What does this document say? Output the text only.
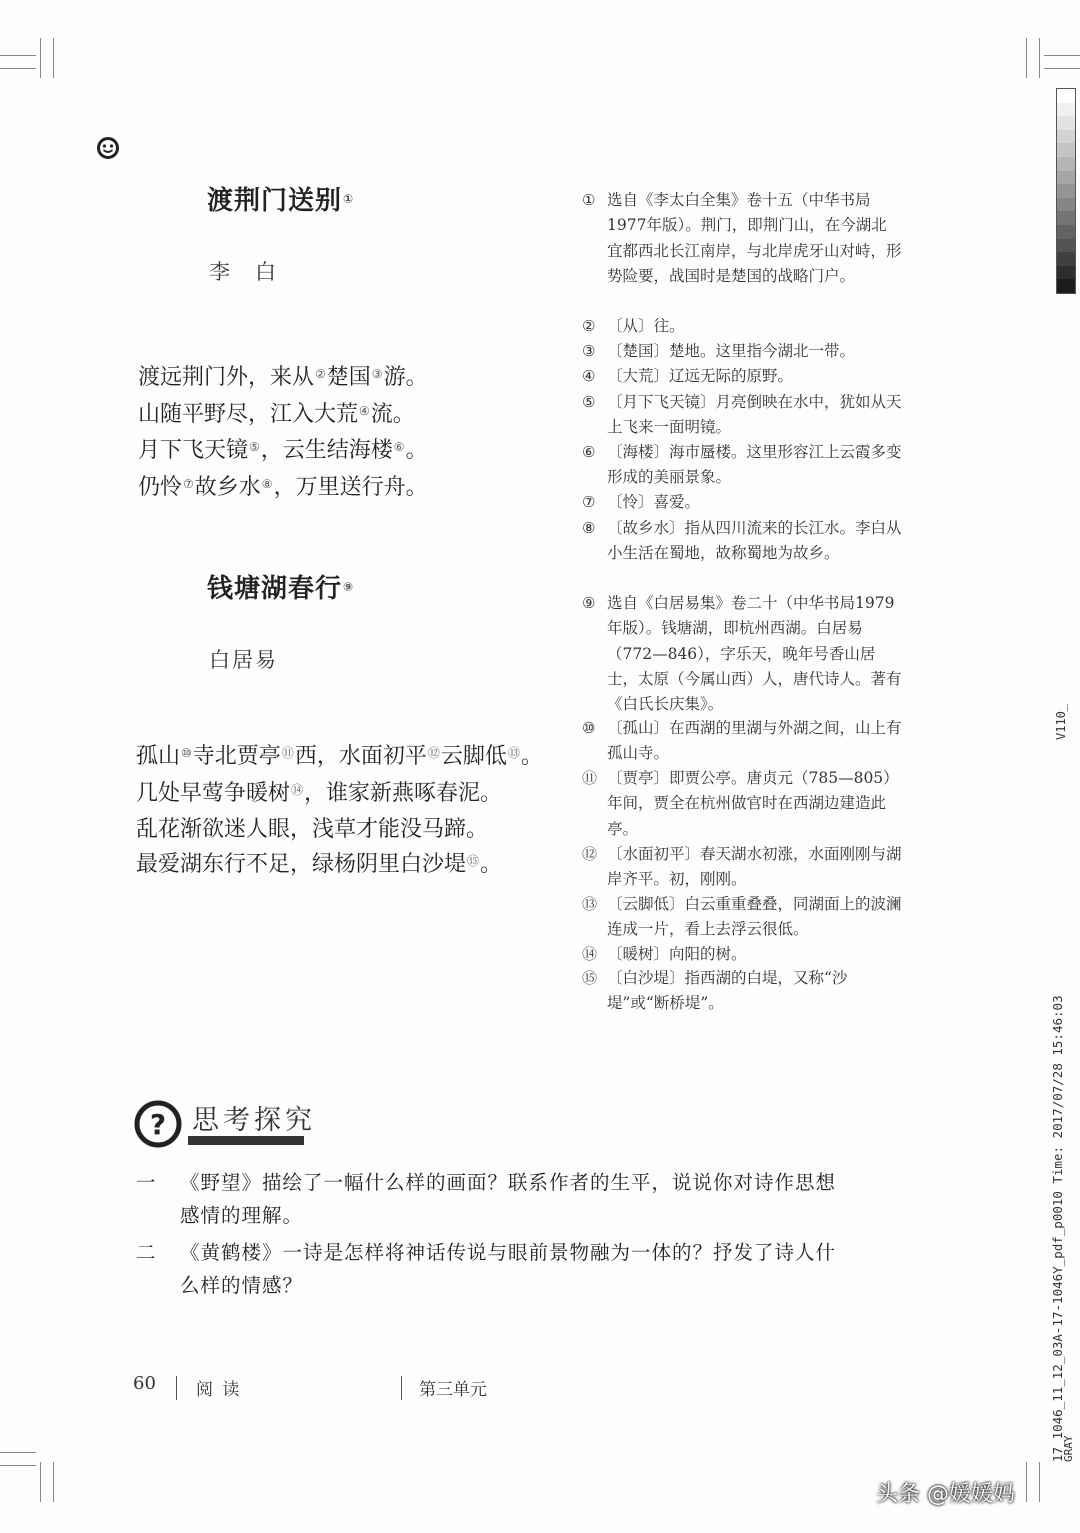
渡荆门送别①
李　白
渡远荆门外，来从②楚国③游。
山随平野尽，江入大荒④流。
月下飞天镜⑤，云生结海楼⑥。
仍怜⑦故乡水⑧，万里送行舟。
钱塘湖春行⑨
白居易
孤山⑩寺北贾亭⑪西，水面初平⑫云脚低⑬。
几处早莺争暖树⑭，谁家新燕啄春泥。
乱花渐欲迷人眼，浅草才能没马蹄。
最爱湖东行不足，绿杨阴里白沙堤⑮。
① 选自《李太白全集》卷十五（中华书局1977年版）。荆门，即荆门山，在今湖北宜都西北长江南岸，与北岸虎牙山对峙，形势险要，战国时是楚国的战略门户。
② 〔从〕往。
③ 〔楚国〕楚地。这里指今湖北一带。
④ 〔大荒〕辽远无际的原野。
⑤ 〔月下飞天镜〕月亮倒映在水中，犹如从天上飞来一面明镜。
⑥ 〔海楼〕海市蜃楼。这里形容江上云霞多变形成的美丽景象。
⑦ 〔怜〕喜爱。
⑧ 〔故乡水〕指从四川流来的长江水。李白从小生活在蜀地，故称蜀地为故乡。
⑨ 选自《白居易集》卷二十（中华书局1979年版）。钱塘湖，即杭州西湖。白居易（772—846），字乐天，晚年号香山居士，太原（今属山西）人，唐代诗人。著有《白氏长庆集》。
⑩ 〔孤山〕在西湖的里湖与外湖之间，山上有孤山寺。
⑪ 〔贾亭〕即贾公亭。唐贞元（785—805）年间，贾全在杭州做官时在西湖边建造此亭。
⑫ 〔水面初平〕春天湖水初涨，水面刚刚与湖岸齐平。初，刚刚。
⑬ 〔云脚低〕白云重重叠叠，同湖面上的波澜连成一片，看上去浮云很低。
⑭ 〔暖树〕向阳的树。
⑮ 〔白沙堤〕指西湖的白堤，又称“沙堤”或“断桥堤”。
? 思考探究
一 《野望》描绘了一幅什么样的画面？联系作者的生平，说说你对诗作思想
感情的理解。
二 《黄鹤楼》一诗是怎样将神话传说与眼前景物融为一体的？抒发了诗人什
么样的情感？
60 阅 读	第三单元
V110_
17_1046_11_12_03A-17-1046Y_pdf_p0010 Time: 2017/07/28 15:46:03
GRAY
头条 @媛媛妈
